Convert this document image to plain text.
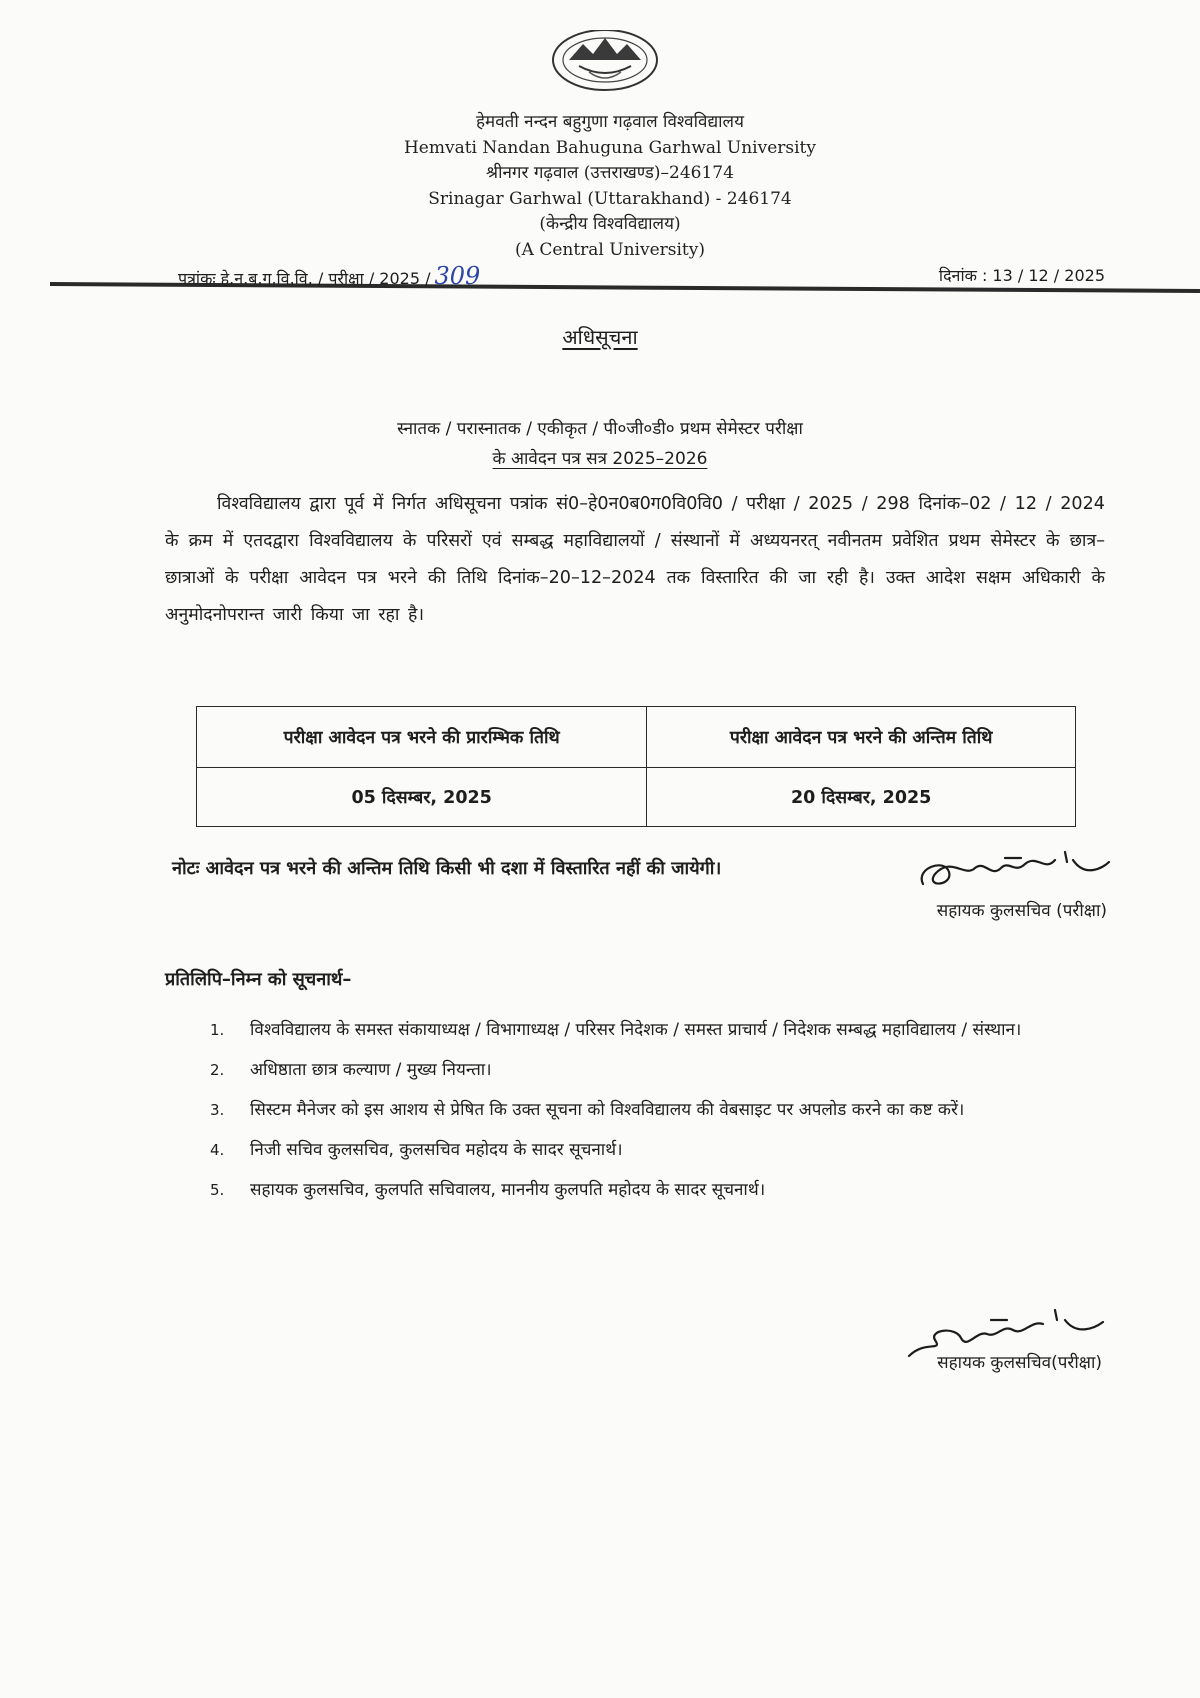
हेमवती नन्दन बहुगुणा गढ़वाल विश्वविद्यालय
Hemvati Nandan Bahuguna Garhwal University
श्रीनगर गढ़वाल (उत्तराखण्ड)–246174
Srinagar Garhwal (Uttarakhand) - 246174
(केन्द्रीय विश्वविद्यालय)
(A Central University)
पत्रांकः हे.न.ब.ग.वि.वि. / परीक्षा / 2025 / 309	दिनांक : 13 / 12 / 2025
अधिसूचना
स्नातक / परास्नातक / एकीकृत / पी०जी०डी० प्रथम सेमेस्टर परीक्षा
के आवेदन पत्र सत्र 2025–2026
विश्वविद्यालय द्वारा पूर्व में निर्गत अधिसूचना पत्रांक सं0–हे0न0ब0ग0वि0वि0 / परीक्षा / 2025 / 298 दिनांक–02 / 12 / 2024 के क्रम में एतदद्वारा विश्वविद्यालय के परिसरों एवं सम्बद्ध महाविद्यालयों / संस्थानों में अध्ययनरत् नवीनतम प्रवेशित प्रथम सेमेस्टर के छात्र–छात्राओं के परीक्षा आवेदन पत्र भरने की तिथि दिनांक–20–12–2024 तक विस्तारित की जा रही है। उक्त आदेश सक्षम अधिकारी के अनुमोदनोपरान्त जारी किया जा रहा है।
परीक्षा आवेदन पत्र भरने की प्रारम्भिक तिथि	परीक्षा आवेदन पत्र भरने की अन्तिम तिथि
05 दिसम्बर, 2025	20 दिसम्बर, 2025
नोटः आवेदन पत्र भरने की अन्तिम तिथि किसी भी दशा में विस्तारित नहीं की जायेगी।
सहायक कुलसचिव (परीक्षा)
प्रतिलिपि–निम्न को सूचनार्थ–
1.	विश्वविद्यालय के समस्त संकायाध्यक्ष / विभागाध्यक्ष / परिसर निदेशक / समस्त प्राचार्य / निदेशक सम्बद्ध महाविद्यालय / संस्थान।
2.	अधिष्ठाता छात्र कल्याण / मुख्य नियन्ता।
3.	सिस्टम मैनेजर को इस आशय से प्रेषित कि उक्त सूचना को विश्वविद्यालय की वेबसाइट पर अपलोड करने का कष्ट करें।
4.	निजी सचिव कुलसचिव, कुलसचिव महोदय के सादर सूचनार्थ।
5.	सहायक कुलसचिव, कुलपति सचिवालय, माननीय कुलपति महोदय के सादर सूचनार्थ।
सहायक कुलसचिव(परीक्षा)
